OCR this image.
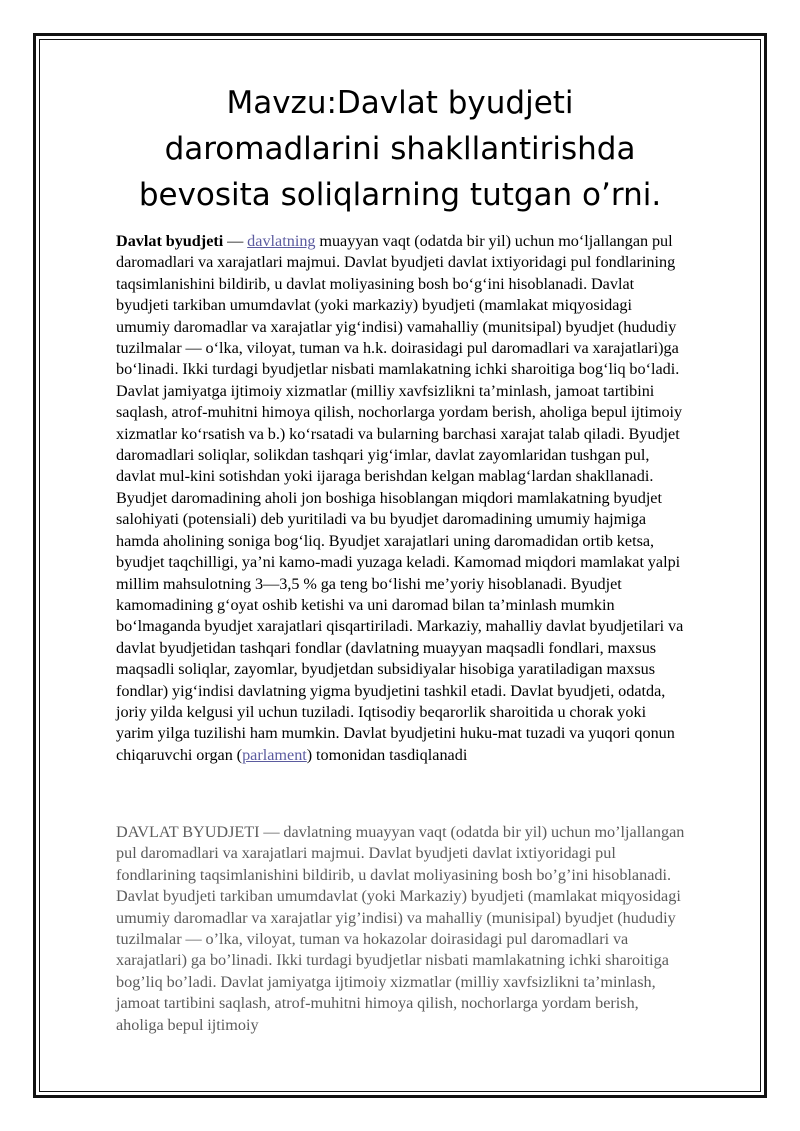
Mavzu:Davlat byudjeti daromadlarini shakllantirishda bevosita soliqlarning tutgan o’rni.

Davlat byudjeti — davlatning muayyan vaqt (odatda bir yil) uchun moʻljallangan pul daromadlari va xarajatlari majmui. Davlat byudjeti davlat ixtiyoridagi pul fondlarining taqsimlanishini bildirib, u davlat moliyasining bosh boʻgʻini hisoblanadi. Davlat byudjeti tarkiban umumdavlat (yoki markaziy) byudjeti (mamlakat miqyosidagi umumiy daromadlar va xarajatlar yigʻindisi) vamahalliy (munitsipal) byudjet (hududiy tuzilmalar — oʻlka, viloyat, tuman va h.k. doirasidagi pul daromadlari va xarajatlari)ga boʻlinadi. Ikki turdagi byudjetlar nisbati mamlakatning ichki sharoitiga bogʻliq boʻladi. Davlat jamiyatga ijtimoiy xizmatlar (milliy xavfsizlikni taʼminlash, jamoat tartibini saqlash, atrof-muhitni himoya qilish, nochorlarga yordam berish, aholiga bepul ijtimoiy xizmatlar koʻrsatish va b.) koʻrsatadi va bularning barchasi xarajat talab qiladi. Byudjet daromadlari soliqlar, solikdan tashqari yigʻimlar, davlat zayomlaridan tushgan pul, davlat mul-kini sotishdan yoki ijaraga berishdan kelgan mablagʻlardan shakllanadi. Byudjet daromadining aholi jon boshiga hisoblangan miqdori mamlakatning byudjet salohiyati (potensiali) deb yuritiladi va bu byudjet daromadining umumiy hajmiga hamda aholining soniga bogʻliq. Byudjet xarajatlari uning daromadidan ortib ketsa, byudjet taqchilligi, yaʼni kamo-madi yuzaga keladi. Kamomad miqdori mamlakat yalpi millim mahsulotning 3—3,5 % ga teng boʻlishi meʼyoriy hisoblanadi. Byudjet kamomadining gʻoyat oshib ketishi va uni daromad bilan taʼminlash mumkin boʻlmaganda byudjet xarajatlari qisqartiriladi. Markaziy, mahalliy davlat byudjetilari va davlat byudjetidan tashqari fondlar (davlatning muayyan maqsadli fondlari, maxsus maqsadli soliqlar, zayomlar, byudjetdan subsidiyalar hisobiga yaratiladigan maxsus fondlar) yigʻindisi davlatning yigma byudjetini tashkil etadi. Davlat byudjeti, odatda, joriy yilda kelgusi yil uchun tuziladi. Iqtisodiy beqarorlik sharoitida u chorak yoki yarim yilga tuzilishi ham mumkin. Davlat byudjetini huku-mat tuzadi va yuqori qonun chiqaruvchi organ (parlament) tomonidan tasdiqlanadi

DAVLAT BYUDJETI — davlatning muayyan vaqt (odatda bir yil) uchun mo’ljallangan pul daromadlari va xarajatlari majmui. Davlat byudjeti davlat ixtiyoridagi pul fondlarining taqsimlanishini bildirib, u davlat moliyasining bosh bo’g’ini hisoblanadi. Davlat byudjeti tarkiban umumdavlat (yoki Markaziy) byudjeti (mamlakat miqyosidagi umumiy daromadlar va xarajatlar yig’indisi) va mahalliy (munisipal) byudjet (hududiy tuzilmalar — o’lka, viloyat, tuman va hokazolar doirasidagi pul daromadlari va xarajatlari) ga bo’linadi. Ikki turdagi byudjetlar nisbati mamlakatning ichki sharoitiga bog’liq bo’ladi. Davlat jamiyatga ijtimoiy xizmatlar (milliy xavfsizlikni ta’minlash, jamoat tartibini saqlash, atrof-muhitni himoya qilish, nochorlarga yordam berish, aholiga bepul ijtimoiy
